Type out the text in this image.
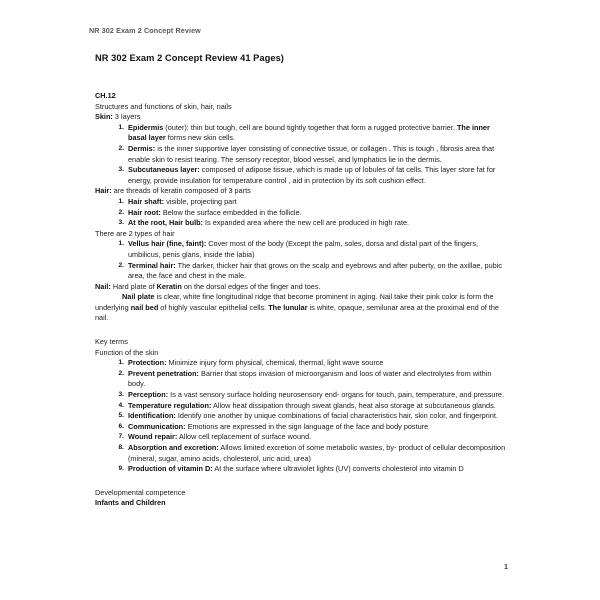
NR 302 Exam 2 Concept Review

NR 302 Exam 2 Concept Review 41 Pages)

CH.12

Structures and functions of skin, hair, nails

Skin: 3 layers

Epidermis (outer): thin but tough, cell are bound tightly together that form a rugged protective barrier. The inner basal layer forms new skin cells.
Dermis: is the inner supportive layer consisting of connective tissue, or collagen . This is tough , fibrosis area that enable skin to resist tearing. The sensory receptor, blood vessel, and lymphatics lie in the dermis.
Subcutaneous layer: composed of adipose tissue, which is made up of lobules of fat cells. This layer store fat for energy, provide insulation for temperature control , aid in protection by its soft cushion effect.

Hair: are threads of keratin composed of 3 parts

Hair shaft: visible, projecting part
Hair root: Below the surface embedded in the follicle.
At the root, Hair bulb: Is expanded area where the new cell are produced in high rate.

There are 2 types of hair

Vellus hair (fine, faint): Cover most of the body (Except the palm, soles, dorsa and distal part of the fingers, umbilicus, penis glans, inside the labia)
Terminal hair: The darker, thicker hair that grows on the scalp and eyebrows and after puberty, on the axillae, pubic area, the face and chest in the male.

Nail: Hard plate of Keratin on the dorsal edges of the finger and toes.

Nail plate is clear, white fine longitudinal ridge that become prominent in aging. Nail take their pink color is form the underlying nail bed of highly vascular epithelial cells. The lunular is white, opaque, semilunar area at the proximal end of the nail.

Key terms

Function of the skin

Protection: Minimize injury form physical, chemical, thermal, light wave source
Prevent penetration: Barrier that stops invasion of microorganism and loos of water and electrolytes from within body.
Perception: Is a vast sensory surface holding neurosensory end- organs for touch, pain, temperature, and pressure.
Temperature regulation: Allow heat dissipation through sweat glands, heat also storage at subcutaneous glands.
Identification: Identify one another by unique combinations of facial characteristics hair, skin color, and fingerprint.
Communication: Emotions are expressed in the sign language of the face and body posture
Wound repair: Allow cell replacement of surface wound.
Absorption and excretion: Allows limited excretion of some metabolic wastes, by- product of cellular decomposition (mineral, sugar, amino acids, cholesterol, uric acid, urea)
Production of vitamin D: At the surface where ultraviolet lights (UV) converts cholesterol into vitamin D

Developmental competence

Infants and Children

1
